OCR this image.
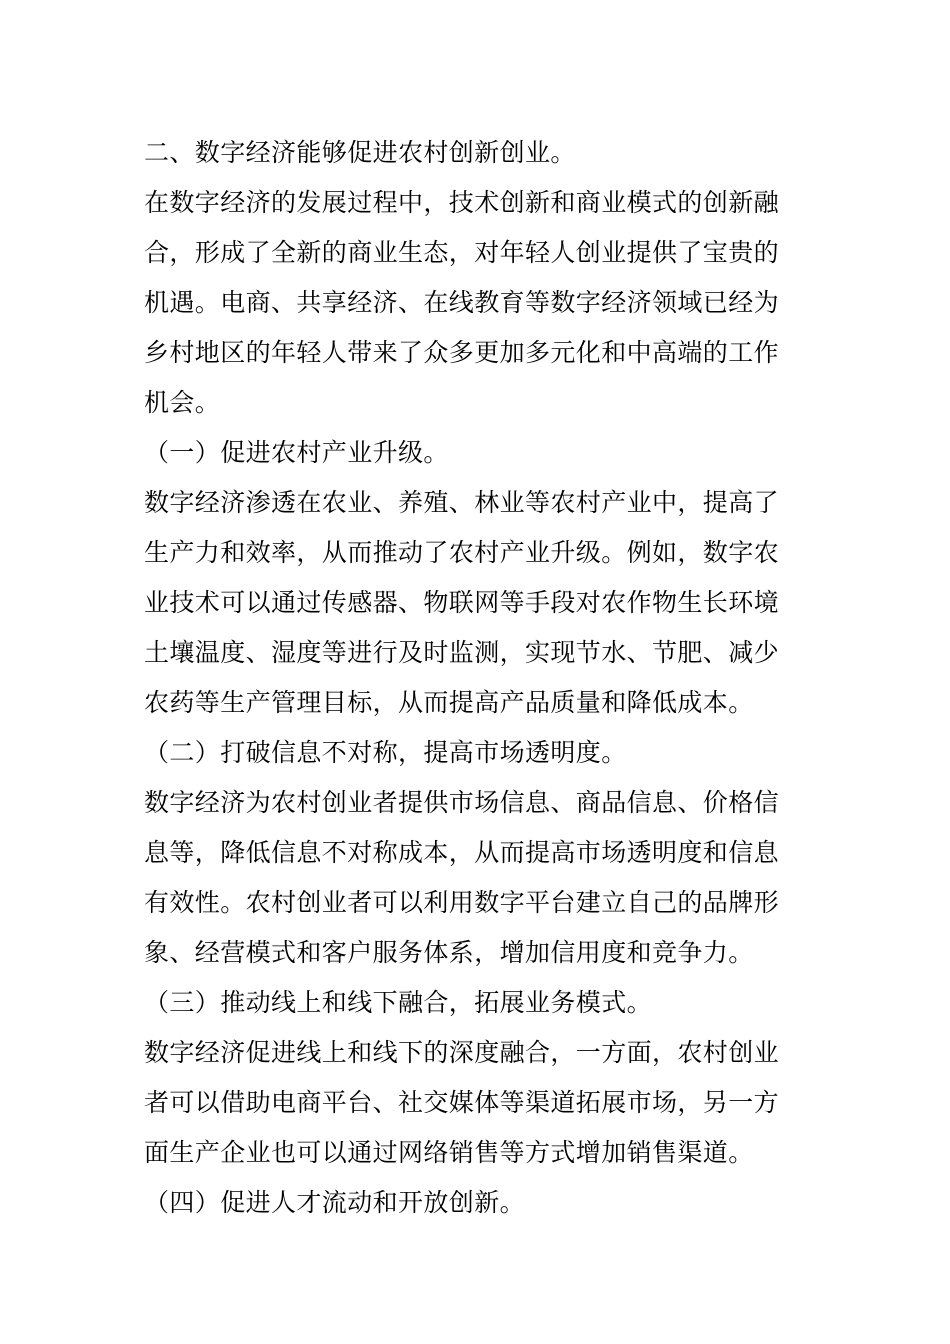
二、数字经济能够促进农村创新创业。
在数字经济的发展过程中，技术创新和商业模式的创新融
合，形成了全新的商业生态，对年轻人创业提供了宝贵的
机遇。电商、共享经济、在线教育等数字经济领域已经为
乡村地区的年轻人带来了众多更加多元化和中高端的工作
机会。
（一）促进农村产业升级。
数字经济渗透在农业、养殖、林业等农村产业中，提高了
生产力和效率，从而推动了农村产业升级。例如，数字农
业技术可以通过传感器、物联网等手段对农作物生长环境
土壤温度、湿度等进行及时监测，实现节水、节肥、减少
农药等生产管理目标，从而提高产品质量和降低成本。
（二）打破信息不对称，提高市场透明度。
数字经济为农村创业者提供市场信息、商品信息、价格信
息等，降低信息不对称成本，从而提高市场透明度和信息
有效性。农村创业者可以利用数字平台建立自己的品牌形
象、经营模式和客户服务体系，增加信用度和竞争力。
（三）推动线上和线下融合，拓展业务模式。
数字经济促进线上和线下的深度融合，一方面，农村创业
者可以借助电商平台、社交媒体等渠道拓展市场，另一方
面生产企业也可以通过网络销售等方式增加销售渠道。
（四）促进人才流动和开放创新。
